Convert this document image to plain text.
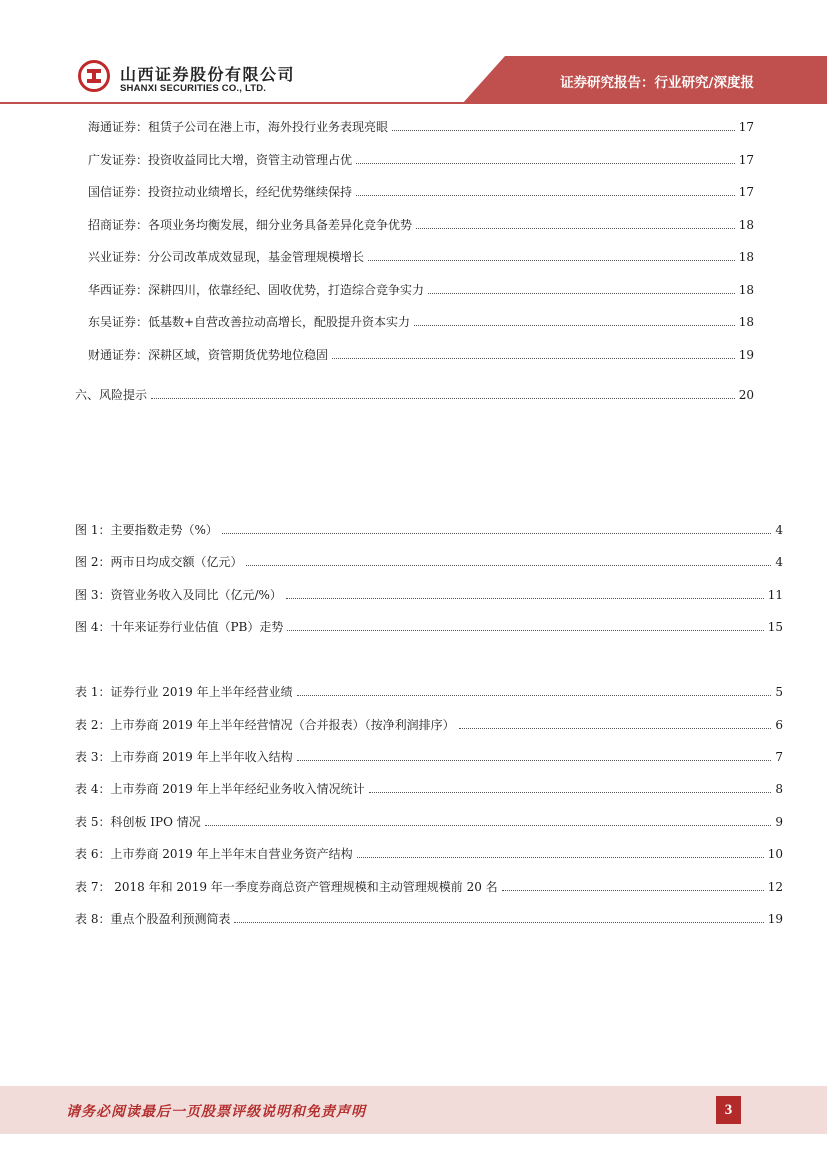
山西证券股份有限公司
SHANXI SECURITIES CO., LTD.	证券研究报告：行业研究/深度报
海通证券：租赁子公司在港上市，海外投行业务表现亮眼	17
广发证券：投资收益同比大增，资管主动管理占优	17
国信证券：投资拉动业绩增长，经纪优势继续保持	17
招商证券：各项业务均衡发展，细分业务具备差异化竞争优势	18
兴业证券：分公司改革成效显现，基金管理规模增长	18
华西证券：深耕四川，依靠经纪、固收优势，打造综合竞争实力	18
东吴证券：低基数+自营改善拉动高增长，配股提升资本实力	18
财通证券：深耕区域，资管期货优势地位稳固	19
六、风险提示	20
图 1：主要指数走势（%）	4
图 2：两市日均成交额（亿元）	4
图 3：资管业务收入及同比（亿元/%）	11
图 4：十年来证券行业估值（PB）走势	15
表 1：证券行业 2019 年上半年经营业绩	5
表 2：上市券商 2019 年上半年经营情况（合并报表）（按净利润排序）	6
表 3：上市券商 2019 年上半年收入结构	7
表 4：上市券商 2019 年上半年经纪业务收入情况统计	8
表 5：科创板 IPO 情况	9
表 6：上市券商 2019 年上半年末自营业务资产结构	10
表 7： 2018 年和 2019 年一季度券商总资产管理规模和主动管理规模前 20 名	12
表 8：重点个股盈利预测简表	19
请务必阅读最后一页股票评级说明和免责声明	3
